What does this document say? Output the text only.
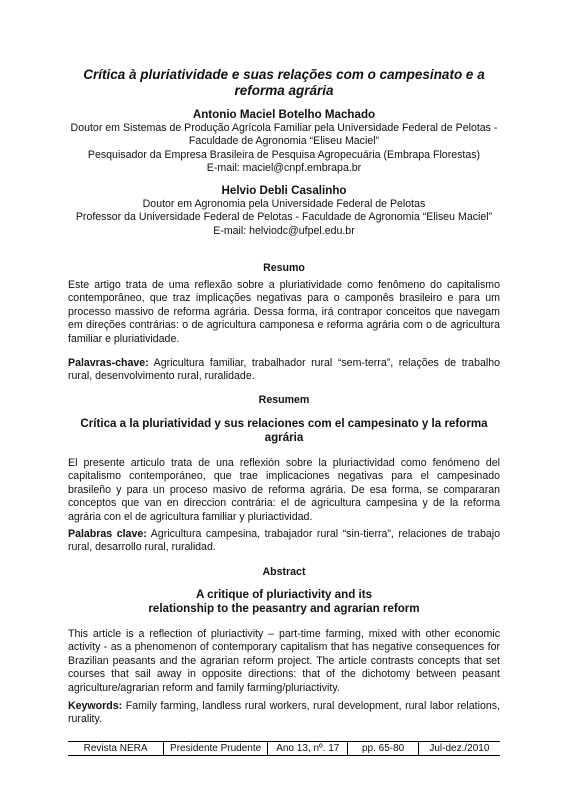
Crítica à pluriatividade e suas relações com o campesinato e a
reforma agrária
Antonio Maciel Botelho Machado
Doutor em Sistemas de Produção Agrícola Familiar pela Universidade Federal de Pelotas -
Faculdade de Agronomia “Eliseu Maciel”
Pesquisador da Empresa Brasileira de Pesquisa Agropecuária (Embrapa Florestas)
E-mail: maciel@cnpf.embrapa.br
Helvio Debli Casalinho
Doutor em Agronomia pela Universidade Federal de Pelotas
Professor da Universidade Federal de Pelotas - Faculdade de Agronomia “Eliseu Maciel”
E-mail: helviodc@ufpel.edu.br
Resumo
Este artigo trata de uma reflexão sobre a pluriatividade como fenômeno do capitalismo contemporâneo, que traz implicações negativas para o camponês brasileiro e para um processo massivo de reforma agrária. Dessa forma, irá contrapor conceitos que navegam em direções contrárias: o de agricultura camponesa e reforma agrária com o de agricultura familiar e pluriatividade.
Palavras-chave: Agricultura familiar, trabalhador rural “sem-terra”, relações de trabalho rural, desenvolvimento rural, ruralidade.
Resumem
Crítica a la pluriatividad y sus relaciones com el campesinato y la reforma
agrária
El presente articulo trata de una reflexión sobre la pluriactividad como fenómeno del capitalismo contemporáneo, que trae implicaciones negativas para el campesinado brasileño y para un proceso masivo de reforma agrária. De esa forma, se compararan conceptos que van en direccion contrária: el de agricultura campesina y de la reforma agrária con el de agricultura familiar y pluriactividad.
Palabras clave: Agricultura campesina, trabajador rural “sin-tierra”, relaciones de trabajo rural, desarrollo rural, ruralidad.
Abstract
A critique of pluriactivity and its
relationship to the peasantry and agrarian reform
This article is a reflection of pluriactivity – part-time farming, mixed with other economic activity - as a phenomenon of contemporary capitalism that has negative consequences for Brazilian peasants and the agrarian reform project. The article contrasts concepts that set courses that sail away in opposite directions: that of the dichotomy between peasant agriculture/agrarian reform and family farming/pluriactivity.
Keywords: Family farming, landless rural workers, rural development, rural labor relations, rurality.
Revista NERA	Presidente Prudente	Ano 13, nº. 17	pp. 65-80	Jul-dez./2010
